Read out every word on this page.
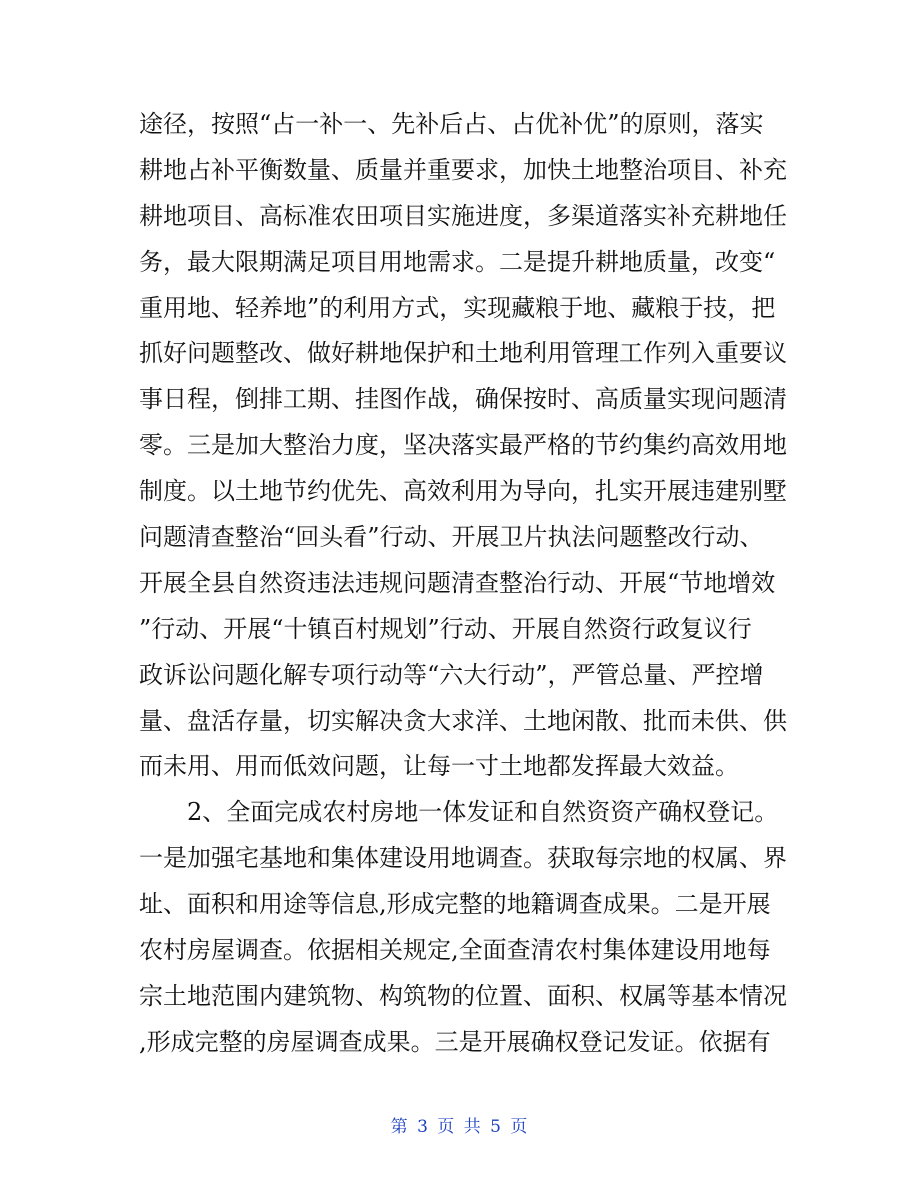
途径，按照“占一补一、先补后占、占优补优”的原则，落实
耕地占补平衡数量、质量并重要求，加快土地整治项目、补充
耕地项目、高标准农田项目实施进度，多渠道落实补充耕地任
务，最大限期满足项目用地需求。二是提升耕地质量，改变“
重用地、轻养地”的利用方式，实现藏粮于地、藏粮于技，把
抓好问题整改、做好耕地保护和土地利用管理工作列入重要议
事日程，倒排工期、挂图作战，确保按时、高质量实现问题清
零。三是加大整治力度，坚决落实最严格的节约集约高效用地
制度。以土地节约优先、高效利用为导向，扎实开展违建别墅
问题清查整治“回头看”行动、开展卫片执法问题整改行动、
开展全县自然资违法违规问题清查整治行动、开展“节地增效
”行动、开展“十镇百村规划”行动、开展自然资行政复议行
政诉讼问题化解专项行动等“六大行动”，严管总量、严控增
量、盘活存量，切实解决贪大求洋、土地闲散、批而未供、供
而未用、用而低效问题，让每一寸土地都发挥最大效益。
　　2、全面完成农村房地一体发证和自然资资产确权登记。
一是加强宅基地和集体建设用地调查。获取每宗地的权属、界
址、面积和用途等信息,形成完整的地籍调查成果。二是开展
农村房屋调查。依据相关规定,全面查清农村集体建设用地每
宗土地范围内建筑物、构筑物的位置、面积、权属等基本情况
,形成完整的房屋调查成果。三是开展确权登记发证。依据有
第 3 页 共 5 页
